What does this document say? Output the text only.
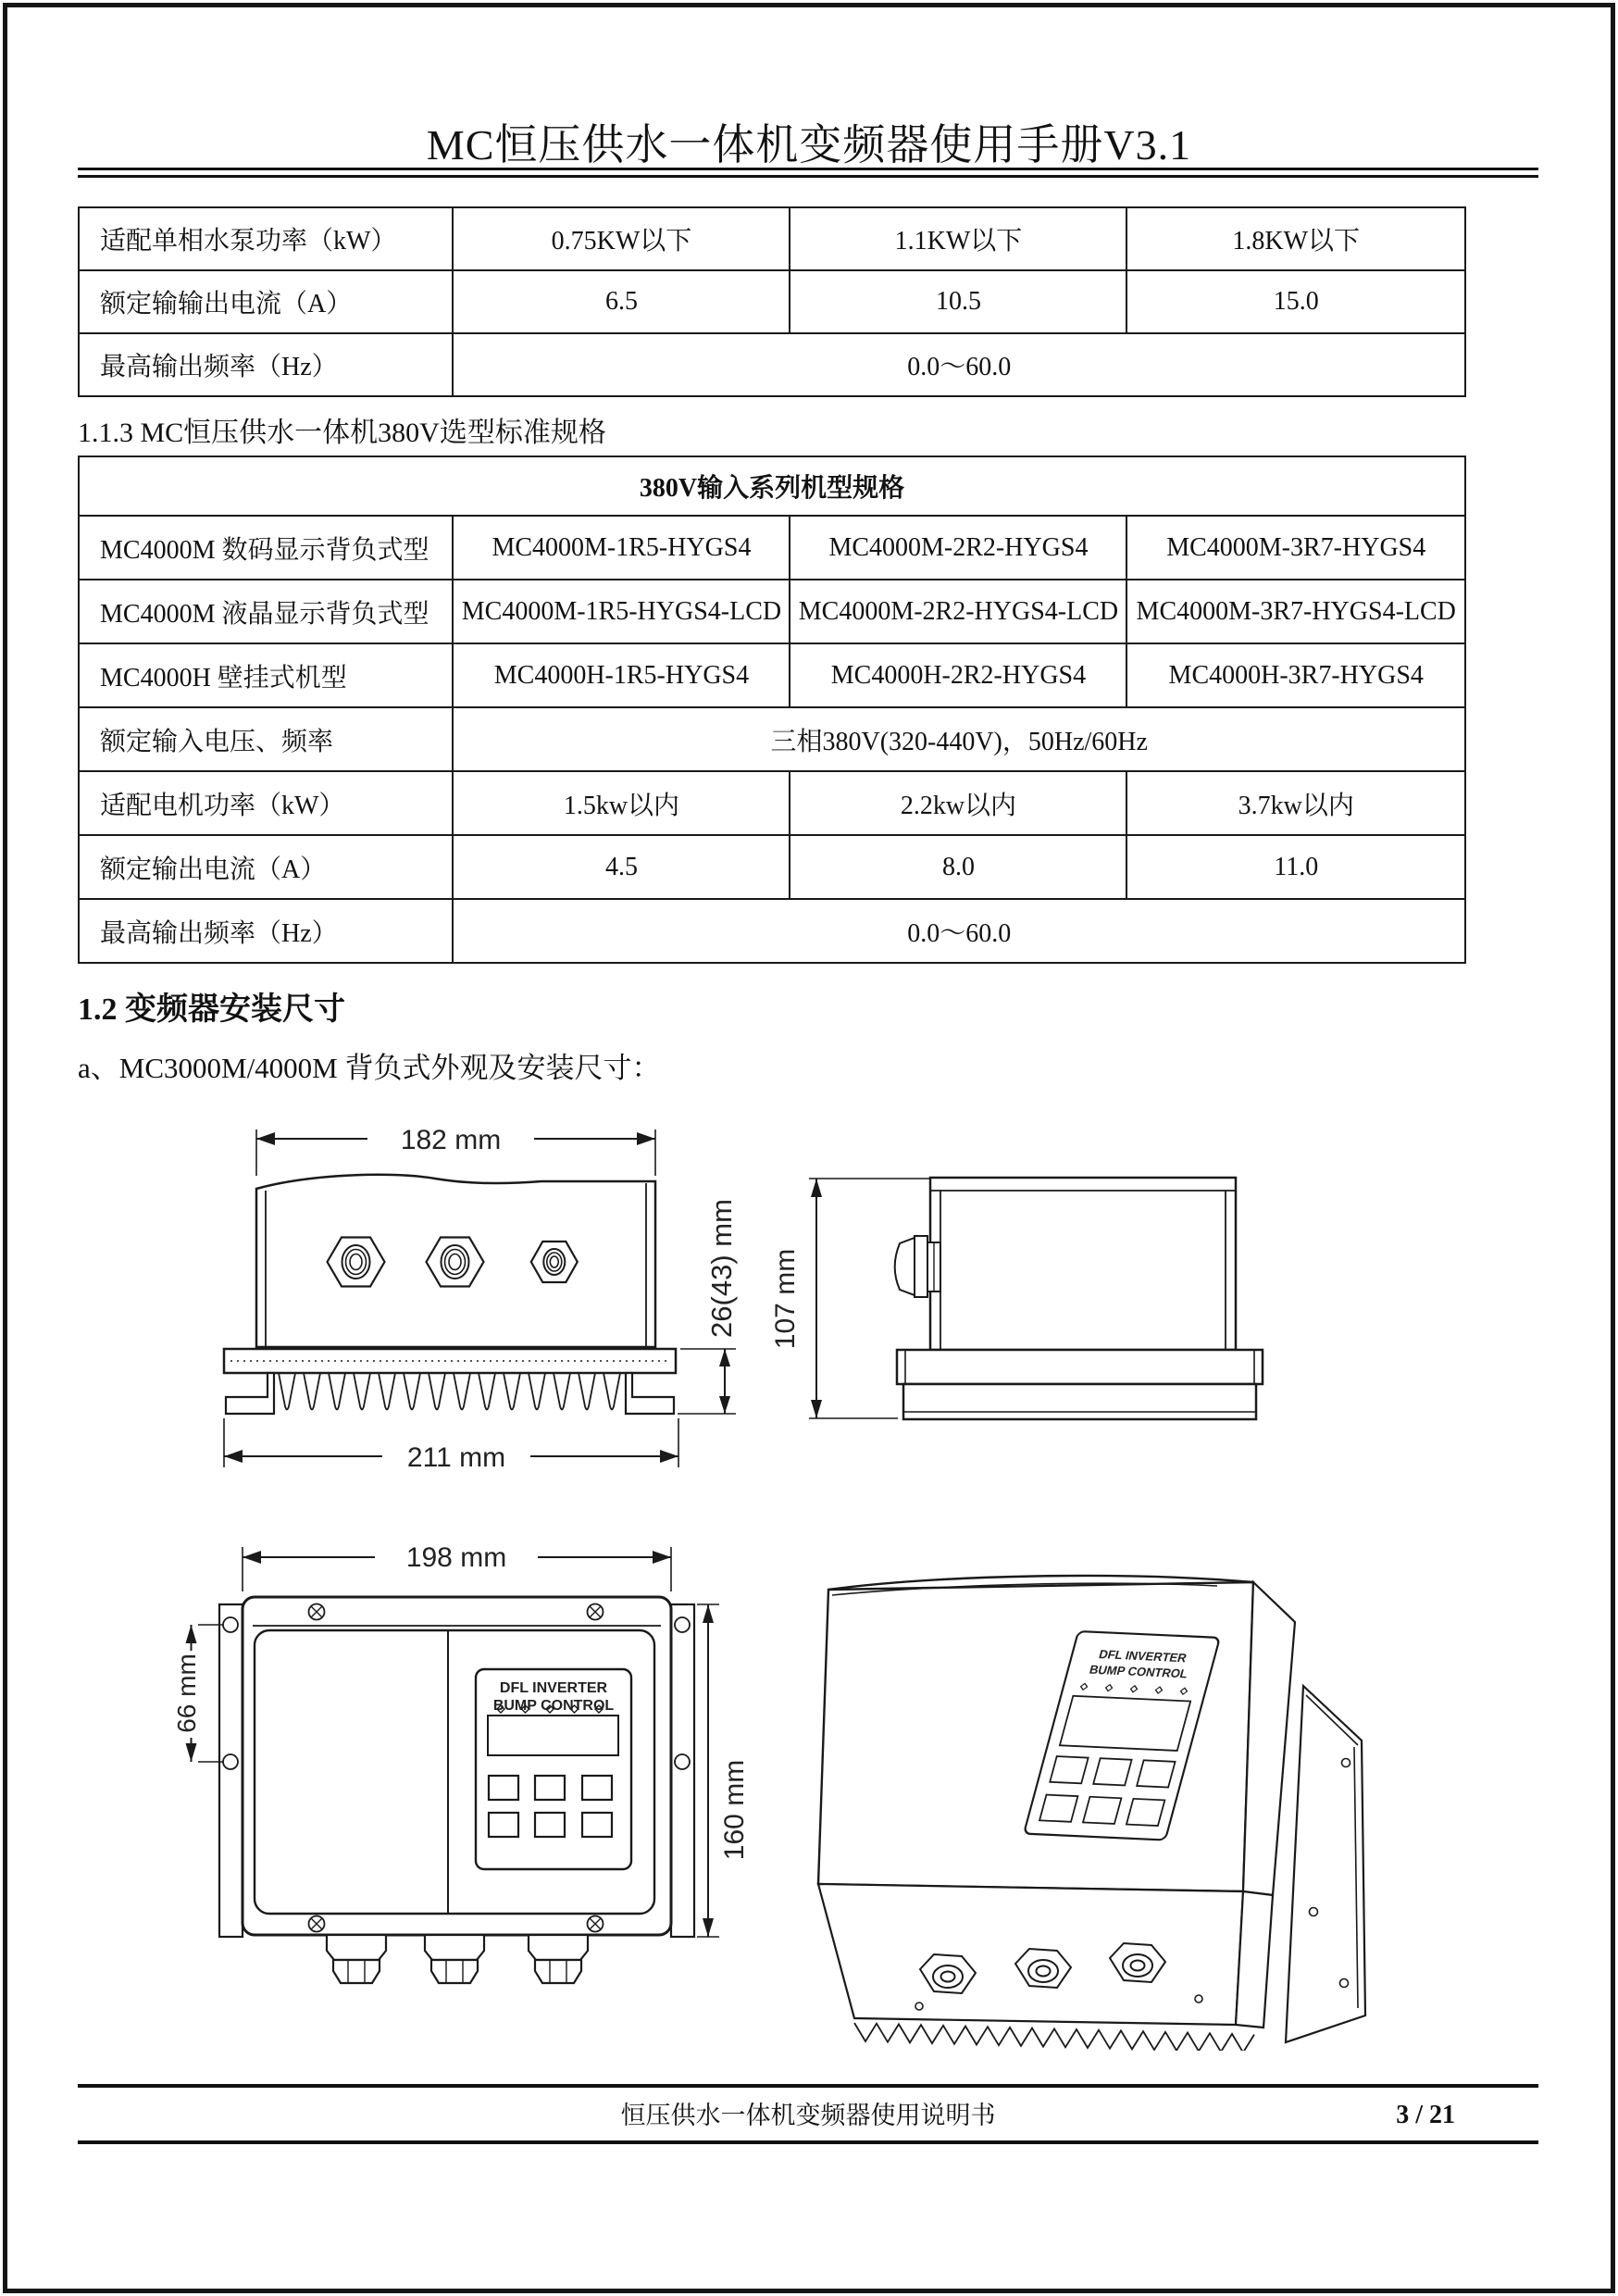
MC恒压供水一体机变频器使用手册V3.1
适配单相水泵功率（kW）	0.75KW以下	1.1KW以下	1.8KW以下
额定输输出电流（A）	6.5	10.5	15.0
最高输出频率（Hz）	0.0～60.0		
1.1.3 MC恒压供水一体机380V选型标准规格
380V输入系列机型规格			
MC4000M 数码显示背负式型	MC4000M-1R5-HYGS4	MC4000M-2R2-HYGS4	MC4000M-3R7-HYGS4
MC4000M 液晶显示背负式型	MC4000M-1R5-HYGS4-LCD	MC4000M-2R2-HYGS4-LCD	MC4000M-3R7-HYGS4-LCD
MC4000H 壁挂式机型	MC4000H-1R5-HYGS4	MC4000H-2R2-HYGS4	MC4000H-3R7-HYGS4
额定输入电压、频率	三相380V(320-440V)，50Hz/60Hz		
适配电机功率（kW）	1.5kw以内	2.2kw以内	3.7kw以内
额定输出电流（A）	4.5	8.0	11.0
最高输出频率（Hz）	0.0～60.0		
1.2 变频器安装尺寸
a、MC3000M/4000M 背负式外观及安装尺寸：
182 mm
211 mm
26(43) mm 107 mm
198 mm
DFL INVERTER
BUMP CONTROL
66 mm
160 mm
DFL INVERTER
BUMP CONTROL
恒压供水一体机变频器使用说明书	3 / 21
